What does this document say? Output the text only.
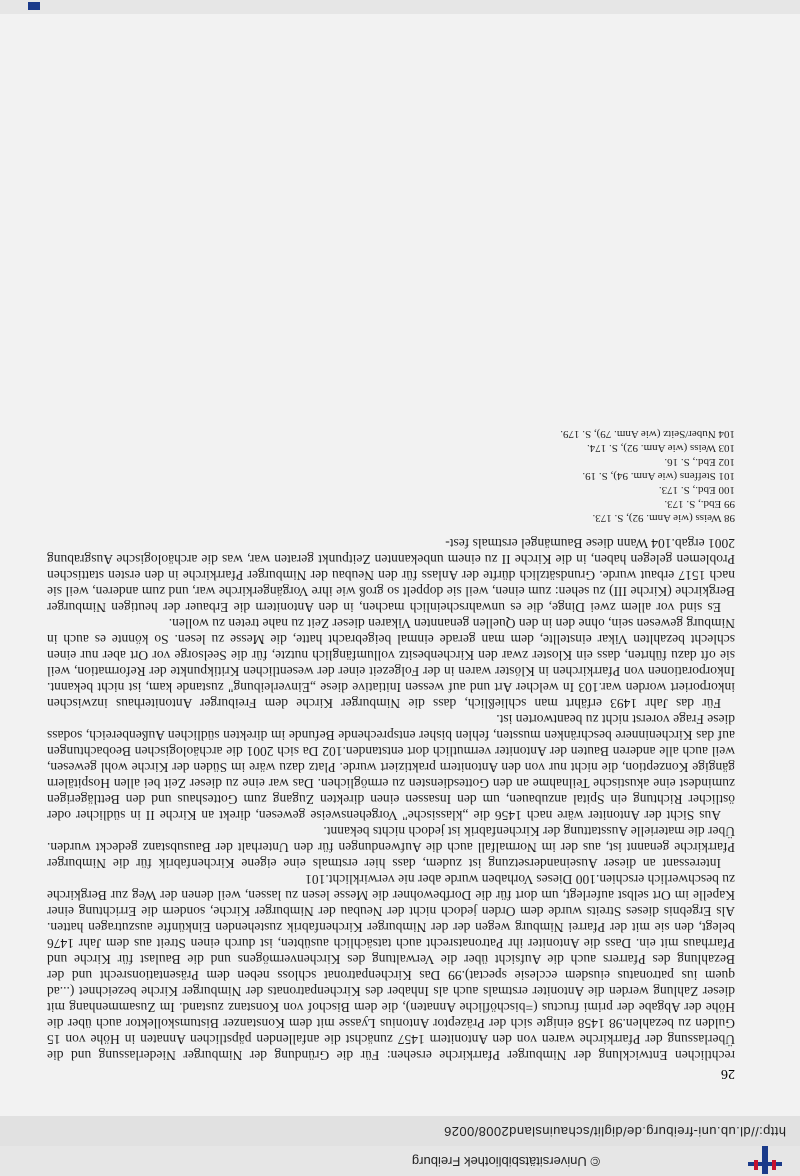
© Universitätsbibliothek Freiburg
http://dl.ub.uni-freiburg.de/diglit/schauinsland2008/0026
26

rechtlichen Entwicklung der Nimburger Pfarrkirche ersehen: Für die Gründung der Nimburger Niederlassung und die Überlassung der Pfarrkirche waren von den Antonitern 1457 zunächst die anfallenden päpstlichen Annaten in Höhe von 15 Gulden zu bezahlen.98 1458 einigte sich der Präzeptor Antonius Lyasse mit dem Konstanzer Bistumskollektor auch über die Höhe der Abgabe der primi fructus (=bischöfliche Annaten), die dem Bischof von Konstanz zustand. Im Zusammenhang mit dieser Zahlung werden die Antoniter erstmals auch als Inhaber des Kirchenpatronats der Nimburger Kirche bezeichnet (...ad quem ius patronatus eiusdem ecclesie spectat).99 Das Kirchenpatronat schloss neben dem Präsentationsrecht und der Bezahlung des Pfarrers auch die Aufsicht über die Verwaltung des Kirchenvermögens und die Baulast für Kirche und Pfarrhaus mit ein. Dass die Antoniter ihr Patronatsrecht auch tatsächlich ausübten, ist durch einen Streit aus dem Jahr 1476 belegt, den sie mit der Pfarrei Nimburg wegen der der Nimburger Kirchenfabrik zustehenden Einkünfte auszutragen hatten. Als Ergebnis dieses Streits wurde dem Orden jedoch nicht der Neubau der Nimburger Kirche, sondern die Errichtung einer Kapelle im Ort selbst auferlegt, um dort für die Dorfbewohner die Messe lesen zu lassen, weil denen der Weg zur Bergkirche zu beschwerlich erschien.100 Dieses Vorhaben wurde aber nie verwirklicht.101

Interessant an dieser Auseinandersetzung ist zudem, dass hier erstmals eine eigene Kirchenfabrik für die Nimburger Pfarrkirche genannt ist, aus der im Normalfall auch die Aufwendungen für den Unterhalt der Bausubstanz gedeckt wurden. Über die materielle Ausstattung der Kirchenfabrik ist jedoch nichts bekannt.

Aus Sicht der Antoniter wäre nach 1456 die „klassische" Vorgehensweise gewesen, direkt an Kirche II in südlicher oder östlicher Richtung ein Spital anzubauen, um den Insassen einen direkten Zugang zum Gotteshaus und den Bettlägerigen zumindest eine akustische Teilnahme an den Gottesdiensten zu ermöglichen. Das war eine zu dieser Zeit bei allen Hospitälern gängige Konzeption, die nicht nur von den Antonitern praktiziert wurde. Platz dazu wäre im Süden der Kirche wohl gewesen, weil auch alle anderen Bauten der Antoniter vermutlich dort entstanden.102 Da sich 2001 die archäologischen Beobachtungen auf das Kircheninnere beschränken mussten, fehlen bisher entsprechende Befunde im direkten südlichen Außenbereich, sodass diese Frage vorerst nicht zu beantworten ist.

Für das Jahr 1493 erfährt man schließlich, dass die Nimburger Kirche dem Freiburger Antoniterhaus inzwischen inkorporiert worden war.103 In welcher Art und auf wessen Initiative diese „Einverleibung" zustande kam, ist nicht bekannt. Inkorporationen von Pfarrkirchen in Klöster waren in der Folgezeit einer der wesentlichen Kritikpunkte der Reformation, weil sie oft dazu führten, dass ein Kloster zwar den Kirchenbesitz vollumfänglich nutzte, für die Seelsorge vor Ort aber nur einen schlecht bezahlten Vikar einstellte, dem man gerade einmal beigebracht hatte, die Messe zu lesen. So könnte es auch in Nimburg gewesen sein, ohne den in den Quellen genannten Vikaren dieser Zeit zu nahe treten zu wollen.

Es sind vor allem zwei Dinge, die es unwahrscheinlich machen, in den Antonitern die Erbauer der heutigen Nimburger Bergkirche (Kirche III) zu sehen: zum einen, weil sie doppelt so groß wie ihre Vorgängerkirche war, und zum anderen, weil sie nach 1517 erbaut wurde. Grundsätzlich dürfte der Anlass für den Neubau der Nimburger Pfarrkirche in den ersten stattischen Problemen gelegen haben, in die Kirche II zu einem unbekannten Zeitpunkt geraten war, was die archäologische Ausgrabung 2001 ergab.104 Wann diese Baumängel erstmals fest-

98 Weiss (wie Anm. 92), S. 173.
99 Ebd., S. 173.
100 Ebd., S. 173.
101 Steffens (wie Anm. 94), S. 19.
102 Ebd., S. 16.
103 Weiss (wie Anm. 92), S. 174.
104 Nuber/Seitz (wie Anm. 79), S. 179.
